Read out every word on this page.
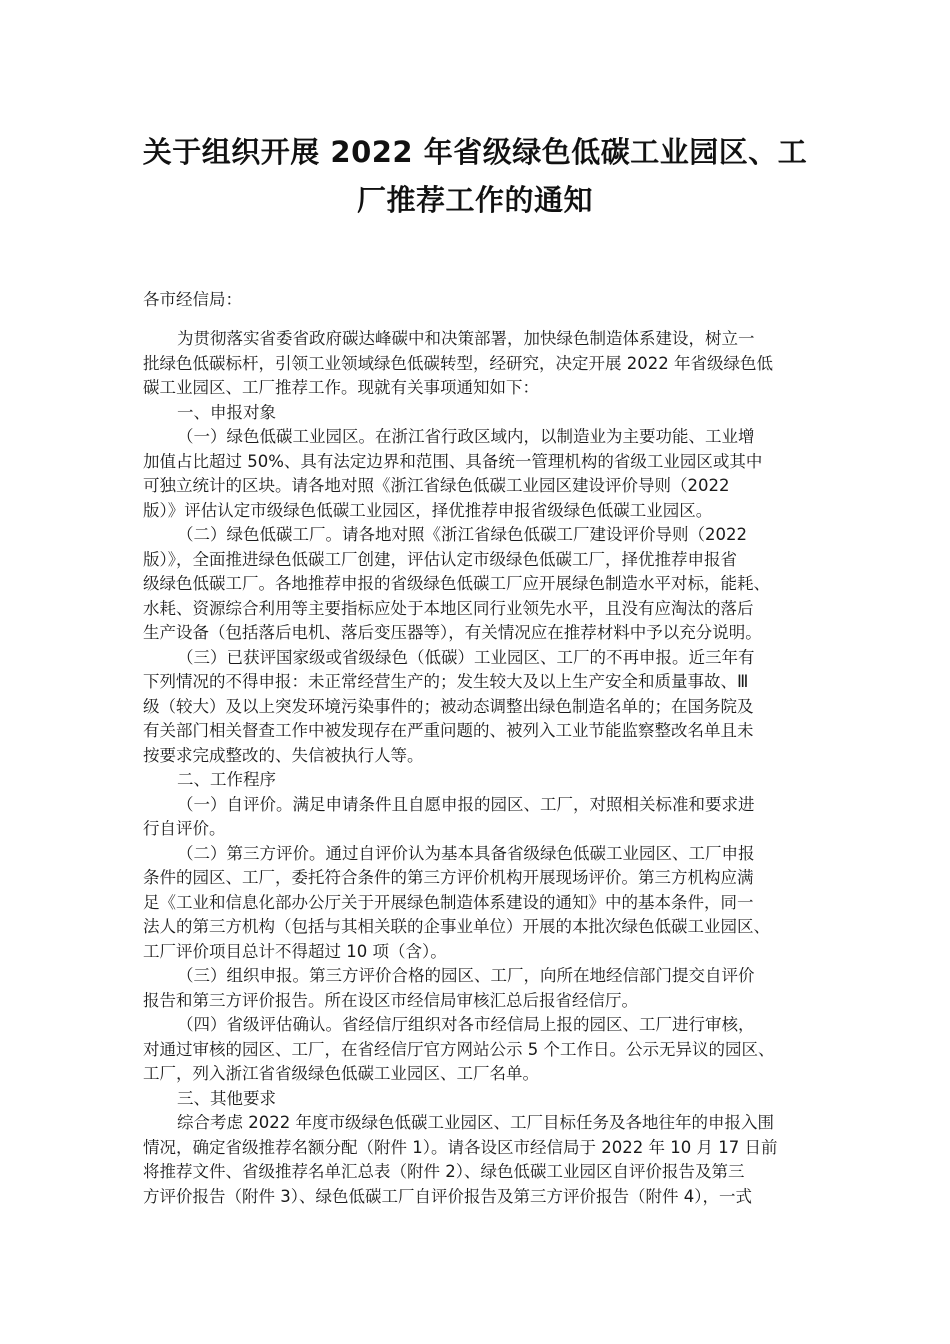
关于组织开展 2022 年省级绿色低碳工业园区、工
厂推荐工作的通知
各市经信局：
为贯彻落实省委省政府碳达峰碳中和决策部署，加快绿色制造体系建设，树立一
批绿色低碳标杆，引领工业领域绿色低碳转型，经研究，决定开展 2022 年省级绿色低
碳工业园区、工厂推荐工作。现就有关事项通知如下：
一、申报对象
（一）绿色低碳工业园区。在浙江省行政区域内，以制造业为主要功能、工业增
加值占比超过 50%、具有法定边界和范围、具备统一管理机构的省级工业园区或其中
可独立统计的区块。请各地对照《浙江省绿色低碳工业园区建设评价导则（2022
版）》评估认定市级绿色低碳工业园区，择优推荐申报省级绿色低碳工业园区。
（二）绿色低碳工厂。请各地对照《浙江省绿色低碳工厂建设评价导则（2022
版）》，全面推进绿色低碳工厂创建，评估认定市级绿色低碳工厂，择优推荐申报省
级绿色低碳工厂。各地推荐申报的省级绿色低碳工厂应开展绿色制造水平对标，能耗、
水耗、资源综合利用等主要指标应处于本地区同行业领先水平，且没有应淘汰的落后
生产设备（包括落后电机、落后变压器等），有关情况应在推荐材料中予以充分说明。
（三）已获评国家级或省级绿色（低碳）工业园区、工厂的不再申报。近三年有
下列情况的不得申报：未正常经营生产的；发生较大及以上生产安全和质量事故、Ⅲ
级（较大）及以上突发环境污染事件的；被动态调整出绿色制造名单的；在国务院及
有关部门相关督查工作中被发现存在严重问题的、被列入工业节能监察整改名单且未
按要求完成整改的、失信被执行人等。
二、工作程序
（一）自评价。满足申请条件且自愿申报的园区、工厂，对照相关标准和要求进
行自评价。
（二）第三方评价。通过自评价认为基本具备省级绿色低碳工业园区、工厂申报
条件的园区、工厂，委托符合条件的第三方评价机构开展现场评价。第三方机构应满
足《工业和信息化部办公厅关于开展绿色制造体系建设的通知》中的基本条件，同一
法人的第三方机构（包括与其相关联的企事业单位）开展的本批次绿色低碳工业园区、
工厂评价项目总计不得超过 10 项（含）。
（三）组织申报。第三方评价合格的园区、工厂，向所在地经信部门提交自评价
报告和第三方评价报告。所在设区市经信局审核汇总后报省经信厅。
（四）省级评估确认。省经信厅组织对各市经信局上报的园区、工厂进行审核，
对通过审核的园区、工厂，在省经信厅官方网站公示 5 个工作日。公示无异议的园区、
工厂，列入浙江省省级绿色低碳工业园区、工厂名单。
三、其他要求
综合考虑 2022 年度市级绿色低碳工业园区、工厂目标任务及各地往年的申报入围
情况，确定省级推荐名额分配（附件 1）。请各设区市经信局于 2022 年 10 月 17 日前
将推荐文件、省级推荐名单汇总表（附件 2）、绿色低碳工业园区自评价报告及第三
方评价报告（附件 3）、绿色低碳工厂自评价报告及第三方评价报告（附件 4），一式
